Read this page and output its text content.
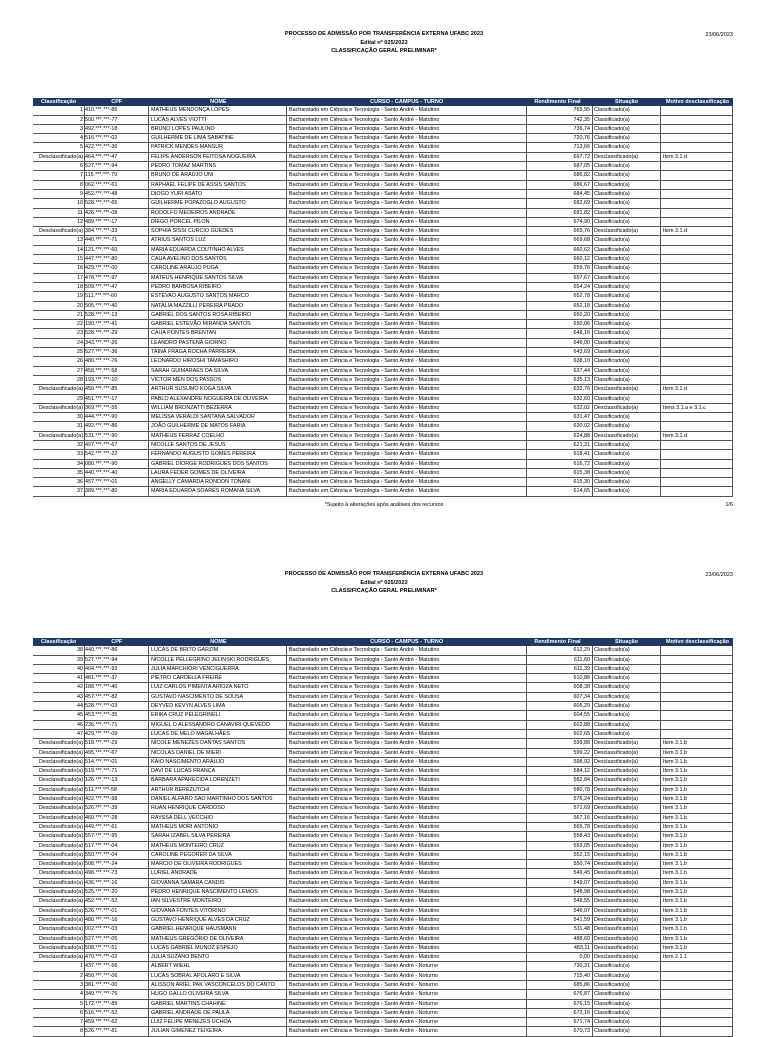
23/06/2023
PROCESSO DE ADMISSÃO POR TRANSFERÊNCIA EXTERNA UFABC 2023
Edital nº 025/2023
CLASSIFICAÇÃO GERAL PRELIMINAR*
Classificação	CPF	NOME	CURSO - CAMPUS - TURNO	Rendimento Final	Situação	Motivo desclassificação
1 410.***.***-86	MATHEUS MENDONÇA LOPES	Bacharelado em Ciência e Tecnologia - Santo André - Matutino	765,95 Classificado(a)
2 500.***.***-77	LUCAS ALVES VIOTTI	Bacharelado em Ciência e Tecnologia - Santo André - Matutino	742,35 Classificado(a)
3 492.***.***-18	BRUNO LOPES PAULINO	Bacharelado em Ciência e Tecnologia - Santo André - Matutino	736,74 Classificado(a)
4 516.***.***-02	GUILHERME DE LIMA SABATINE	Bacharelado em Ciência e Tecnologia - Santo André - Matutino	720,76 Classificado(a)
5 422.***.***-36	PATRICK MENDES MANSUR	Bacharelado em Ciência e Tecnologia - Santo André - Matutino	713,66 Classificado(a)
Desclassificado(a) 464.***.***-47	FELIPE ANDERSON FEITOSA NOGUEIRA	Bacharelado em Ciência e Tecnologia - Santo André - Matutino	697,72 Desclassificado(a)	Item 3.1.d
6 527.***.***-94	PEDRO TOMAZ MARTINS	Bacharelado em Ciência e Tecnologia - Santo André - Matutino	687,05 Classificado(a)
7 115.***.***-79	BRUNO DE ARAÚJO UNI	Bacharelado em Ciência e Tecnologia - Santo André - Matutino	686,82 Classificado(a)
8 062.***.***-61	RAPHAEL FELIPE DE ASSIS SANTOS	Bacharelado em Ciência e Tecnologia - Santo André - Matutino	686,67 Classificado(a)
9 452.***.***-48	DIOGO YURI ASATO	Bacharelado em Ciência e Tecnologia - Santo André - Matutino	684,45 Classificado(a)
10 528.***.***-65	GUILHERME POPAZOGLO AUGUSTO	Bacharelado em Ciência e Tecnologia - Santo André - Matutino	682,69 Classificado(a)
11 426.***.***-08	RODOLFO MEDEIROS ANDRADE	Bacharelado em Ciência e Tecnologia - Santo André - Matutino	681,82 Classificado(a)
12 489.***.***-17	DIEGO PORCEL PILON	Bacharelado em Ciência e Tecnologia - Santo André - Matutino	674,90 Classificado(a)
Desclassificado(a) 384.***.***-33	SOPHIA SISSI CURCIO GUEDES	Bacharelado em Ciência e Tecnologia - Santo André - Matutino	669,76 Desclassificado(a)	Item 3.1.d
13 440.***.***-71	ATRIUS SANTOS LUZ	Bacharelado em Ciência e Tecnologia - Santo André - Matutino	669,68 Classificado(a)
14 121.***.***-60	MARIA EDUARDA COUTINHO ALVES	Bacharelado em Ciência e Tecnologia - Santo André - Matutino	660,62 Classificado(a)
15 447.***.***-80	CAUA AVELINO DOS SANTOS	Bacharelado em Ciência e Tecnologia - Santo André - Matutino	660,12 Classificado(a)
16 429.***.***-00	CAROLINE ARAUJO PUGA	Bacharelado em Ciência e Tecnologia - Santo André - Matutino	659,76 Classificado(a)
17 478.***.***-97	MATEUS HENRIQUE SANTOS SILVA	Bacharelado em Ciência e Tecnologia - Santo André - Matutino	657,67 Classificado(a)
18 509.***.***-47	PEDRO BARBOSA RIBEIRO	Bacharelado em Ciência e Tecnologia - Santo André - Matutino	654,24 Classificado(a)
19 511.***.***-60	ESTEVAO AUGUSTO SANTOS MARCO	Bacharelado em Ciência e Tecnologia - Santo André - Matutino	652,78 Classificado(a)
20 505.***.***-40	NATALIA MAZZILLI PEREIRA PRADO	Bacharelado em Ciência e Tecnologia - Santo André - Matutino	652,18 Classificado(a)
21 528.***.***-13	GABRIEL DOS SANTOS ROSA RIBEIRO	Bacharelado em Ciência e Tecnologia - Santo André - Matutino	650,20 Classificado(a)
22 190.***.***-41	GABRIEL ESTEVÃO MIRANDA SANTOS	Bacharelado em Ciência e Tecnologia - Santo André - Matutino	650,06 Classificado(a)
23 528.***.***-29	CAUA PONTES BRENTAN	Bacharelado em Ciência e Tecnologia - Santo André - Matutino	648,16 Classificado(a)
24 343.***.***-26	LEANDRO PASTENA GIORNO	Bacharelado em Ciência e Tecnologia - Santo André - Matutino	646,00 Classificado(a)
25 527.***.***-36	TAINÁ FRAGA ROCHA PARREIRA	Bacharelado em Ciência e Tecnologia - Santo André - Matutino	643,69 Classificado(a)
26 480.***.***-76	LEONARDO HIROSHI TAMASHIRO	Bacharelado em Ciência e Tecnologia - Santo André - Matutino	638,10 Classificado(a)
27 458.***.***-58	SARAH GUIMARAES DA SILVA	Bacharelado em Ciência e Tecnologia - Santo André - Matutino	637,44 Classificado(a)
28 193.***.***-10	VICTOR MEN DOS PASSOS	Bacharelado em Ciência e Tecnologia - Santo André - Matutino	635,13 Classificado(a)
Desclassificado(a) 450.***.***-85	ARTHUR SUSUMO KOGA SILVA	Bacharelado em Ciência e Tecnologia - Santo André - Matutino	632,76 Desclassificado(a)	Item 3.1.d
29 451.***.***-17	PABLO ALEXANDRE NOGUEIRA DE OLIVEIRA	Bacharelado em Ciência e Tecnologia - Santo André - Matutino	632,60 Classificado(a)
Desclassificado(a) 369.***.***-55	WILLIAM BRONZATTI BEZERRA	Bacharelado em Ciência e Tecnologia - Santo André - Matutino	632,02 Desclassificado(a)	Itens 3.1.a e 3.1.c
30 444.***.***-90	MELISSA VERALDI SANTANA SALVADOR	Bacharelado em Ciência e Tecnologia - Santo André - Matutino	631,47 Classificado(a)
31 492.***.***-86	JOÃO GUILHERME DE MATOS FARIA	Bacharelado em Ciência e Tecnologia - Santo André - Matutino	630,02 Classificado(a)
Desclassificado(a) 531.***.***-90	MATHEUS FERRAZ COELHO	Bacharelado em Ciência e Tecnologia - Santo André - Matutino	624,88 Desclassificado(a)	Item 3.1.d
32 497.***.***-67	NICOLLE SANTOS DE JESUS	Bacharelado em Ciência e Tecnologia - Santo André - Matutino	621,31 Classificado(a)
33 542.***.***-22	FERNANDO AUGUSTO GOMES PEREIRA	Bacharelado em Ciência e Tecnologia - Santo André - Matutino	618,41 Classificado(a)
34 080.***.***-90	GABRIEL DIORGE RODRIGUES DOS SANTOS	Bacharelado em Ciência e Tecnologia - Santo André - Matutino	616,72 Classificado(a)
35 440.***.***-40	LAURA FEDER GOMES DE OLIVEIRA	Bacharelado em Ciência e Tecnologia - Santo André - Matutino	615,38 Classificado(a)
36 457.***.***-01	ANGELLY CAMARDA RONDON TONANI	Bacharelado em Ciência e Tecnologia - Santo André - Matutino	615,30 Classificado(a)
37 389.***.***-80	MARIA EDUARDA SOARES ROMANA SILVA	Bacharelado em Ciência e Tecnologia - Santo André - Matutino	614,65 Classificado(a)
*Sujeito à alterações após análises dos recursos	1/6
23/06/2023
PROCESSO DE ADMISSÃO POR TRANSFERÊNCIA EXTERNA UFABC 2023
Edital nº 025/2023
CLASSIFICAÇÃO GERAL PRELIMINAR*
Classificação	CPF	NOME	CURSO - CAMPUS - TURNO	Rendimento Final	Situação	Motivo desclassificação
38 440.***.***-86	LUCAS DE BRITO GARZIM	Bacharelado em Ciência e Tecnologia - Santo André - Matutino	612,29 Classificado(a)
39 527.***.***-94	NICOLLE PELLEGRINO JELINSKI RODRIGUES	Bacharelado em Ciência e Tecnologia - Santo André - Matutino	611,60 Classificado(a)
40 404.***.***-93	JULIA MARCHIORI VENCIGUERRA	Bacharelado em Ciência e Tecnologia - Santo André - Matutino	611,39 Classificado(a)
41 481.***.***-37	PIETRO CARDELLA FREIRE	Bacharelado em Ciência e Tecnologia - Santo André - Matutino	610,88 Classificado(a)
42 188.***.***-40	LUIZ CARLOS PIMENTA ARIOZA NETO	Bacharelado em Ciência e Tecnologia - Santo André - Matutino	608,38 Classificado(a)
43 457.***.***-82	GUSTAVO NASCIMENTO DE SOUSA	Bacharelado em Ciência e Tecnologia - Santo André - Matutino	607,34 Classificado(a)
44 528.***.***-03	DEYVED KEVYN ALVES LIMA	Bacharelado em Ciência e Tecnologia - Santo André - Matutino	605,29 Classificado(a)
45 453.***.***-35	ERIKA CRUZ PELEGRINELI	Bacharelado em Ciência e Tecnologia - Santo André - Matutino	604,55 Classificado(a)
46 236.***.***-71	MIGUEL D ALESSANDRO CANAVIRI QUEVEDO	Bacharelado em Ciência e Tecnologia - Santo André - Matutino	602,88 Classificado(a)
47 429.***.***-09	LUCAS DE MELO MAGALHÃES	Bacharelado em Ciência e Tecnologia - Santo André - Matutino	602,65 Classificado(a)
Desclassificado(a) 518.***.***-29	NICOLE MENEZES DANTAS SANTOS	Bacharelado em Ciência e Tecnologia - Santo André - Matutino	599,88 Desclassificado(a)	Item 3.1.b
Desclassificado(a) 495.***.***-67	NICOLAS DANIEL DE MIERI	Bacharelado em Ciência e Tecnologia - Santo André - Matutino	599,22 Desclassificado(a)	Item 3.1.b
Desclassificado(a) 514.***.***-01	KAIO NASCIMENTO ARAUJO	Bacharelado em Ciência e Tecnologia - Santo André - Matutino	598,92 Desclassificado(a)	Item 3.1.b
Desclassificado(a) 519.***.***-71	DAVI DE LUCAS FRANÇA	Bacharelado em Ciência e Tecnologia - Santo André - Matutino	584,12 Desclassificado(a)	Item 3.1.b
Desclassificado(a) 126.***.***-13	BARBARA APARECIDA LORENZETI	Bacharelado em Ciência e Tecnologia - Santo André - Matutino	582,84 Desclassificado(a)	Item 3.1.b
Desclassificado(a) 511.***.***-58	ARTHUR BEREZUTCHI	Bacharelado em Ciência e Tecnologia - Santo André - Matutino	580,78 Desclassificado(a)	Item 3.1.b
Desclassificado(a) 422.***.***-98	DANIEL ALFARO SAO MARTINHO DOS SANTOS	Bacharelado em Ciência e Tecnologia - Santo André - Matutino	576,24 Desclassificado(a)	Item 3.1.b
Desclassificado(a) 526.***.***-39	RUAN HENRIQUE CARDOSO	Bacharelado em Ciência e Tecnologia - Santo André - Matutino	571,69 Desclassificado(a)	Item 3.1.b
Desclassificado(a) 460.***.***-28	RAYSSA DELL VECCHIO	Bacharelado em Ciência e Tecnologia - Santo André - Matutino	567,16 Desclassificado(a)	Item 3.1.b
Desclassificado(a) 449.***.***-61	MATHEUS MORI ANTONIO	Bacharelado em Ciência e Tecnologia - Santo André - Matutino	565,78 Desclassificado(a)	Item 3.1.b
Desclassificado(a) 557.***.***-95	SARAH IZABEL SILVA PEREIRA	Bacharelado em Ciência e Tecnologia - Santo André - Matutino	558,43 Desclassificado(a)	Item 3.1.b
Desclassificado(a) 517.***.***-04	MATHEUS MONTEIRO CRUZ	Bacharelado em Ciência e Tecnologia - Santo André - Matutino	553,05 Desclassificado(a)	Item 3.1.b
Desclassificado(a) 550.***.***-04	CAROLINE PEGORER DA SILVA	Bacharelado em Ciência e Tecnologia - Santo André - Matutino	552,15 Desclassificado(a)	Item 3.1.b
Desclassificado(a) 508.***.***-24	MARCIO DE OLIVEIRA RODRIGUES	Bacharelado em Ciência e Tecnologia - Santo André - Matutino	550,74 Desclassificado(a)	Item 3.1.b
Desclassificado(a) 498.***.***-73	LURIEL ANDRADE	Bacharelado em Ciência e Tecnologia - Santo André - Matutino	549,45 Desclassificado(a)	Item 3.1.b
Desclassificado(a) 436.***.***-16	GIOVANNA SAMARA CANDIS	Bacharelado em Ciência e Tecnologia - Santo André - Matutino	549,07 Desclassificado(a)	Item 3.1.b
Desclassificado(a) 525.***.***-20	PEDRO HENRIQUE NASCIMENTO LEMOS	Bacharelado em Ciência e Tecnologia - Santo André - Matutino	548,98 Desclassificado(a)	Item 3.1.b
Desclassificado(a) 452.***.***-52	IAN SILVESTRE MONTEIRO	Bacharelado em Ciência e Tecnologia - Santo André - Matutino	548,55 Desclassificado(a)	Item 3.1.b
Desclassificado(a) 526.***.***-01	GIOVANA FONTES VITORINO	Bacharelado em Ciência e Tecnologia - Santo André - Matutino	546,07 Desclassificado(a)	Item 3.1.b
Desclassificado(a) 480.***.***-16	GUSTAVO HENRIQUE ALVES DA CRUZ	Bacharelado em Ciência e Tecnologia - Santo André - Matutino	541,59 Desclassificado(a)	Item 3.1.b
Desclassificado(a) 002.***.***-03	GABRIEL HENRIQUE HAUSMANN	Bacharelado em Ciência e Tecnologia - Santo André - Matutino	511,48 Desclassificado(a)	Item 3.1.b
Desclassificado(a) 527.***.***-05	MATHEUS GREGÓRIO DE OLIVEIRA	Bacharelado em Ciência e Tecnologia - Santo André - Matutino	488,60 Desclassificado(a)	Item 3.1.b
Desclassificado(a) 508.***.***-51	LUCAS GABRIEL MUNOZ ESPEJO	Bacharelado em Ciência e Tecnologia - Santo André - Matutino	483,11 Desclassificado(a)	Item 3.1.b
Desclassificado(a) 470.***.***-02	JULIA SUZANO BENTO	Bacharelado em Ciência e Tecnologia - Santo André - Matutino	0,00 Desclassificado(a)	Item 2.1.1
1 437.***.***-56	ALBERT WIEHL	Bacharelado em Ciência e Tecnologia - Santo André - Noturno	730,31 Classificado(a)
2 450.***.***-06	LUCAS SOBRAL APOLARO E SILVA	Bacharelado em Ciência e Tecnologia - Santo André - Noturno	715,40 Classificado(a)
3 381.***.***-00	ALISSON ARIEL PAK VASCONCELOS DO CANTO	Bacharelado em Ciência e Tecnologia - Santo André - Noturno	685,86 Classificado(a)
4 349.***.***-75	HUGO GALLO OLIVEIRA SILVA	Bacharelado em Ciência e Tecnologia - Santo André - Noturno	676,87 Classificado(a)
5 172.***.***-89	GABRIEL MARTINS CHAHINE	Bacharelado em Ciência e Tecnologia - Santo André - Noturno	676,15 Classificado(a)
6 516.***.***-52	GABRIEL ANDRADE DE PAULA	Bacharelado em Ciência e Tecnologia - Santo André - Noturno	672,16 Classificado(a)
7 459.***.***-62	LUIZ FELIPE MENEZES UCHOA	Bacharelado em Ciência e Tecnologia - Santo André - Noturno	671,74 Classificado(a)
8 526.***.***-81	JULIAN GIMENEZ TEIXEIRA	Bacharelado em Ciência e Tecnologia - Santo André - Noturno	670,73 Classificado(a)
